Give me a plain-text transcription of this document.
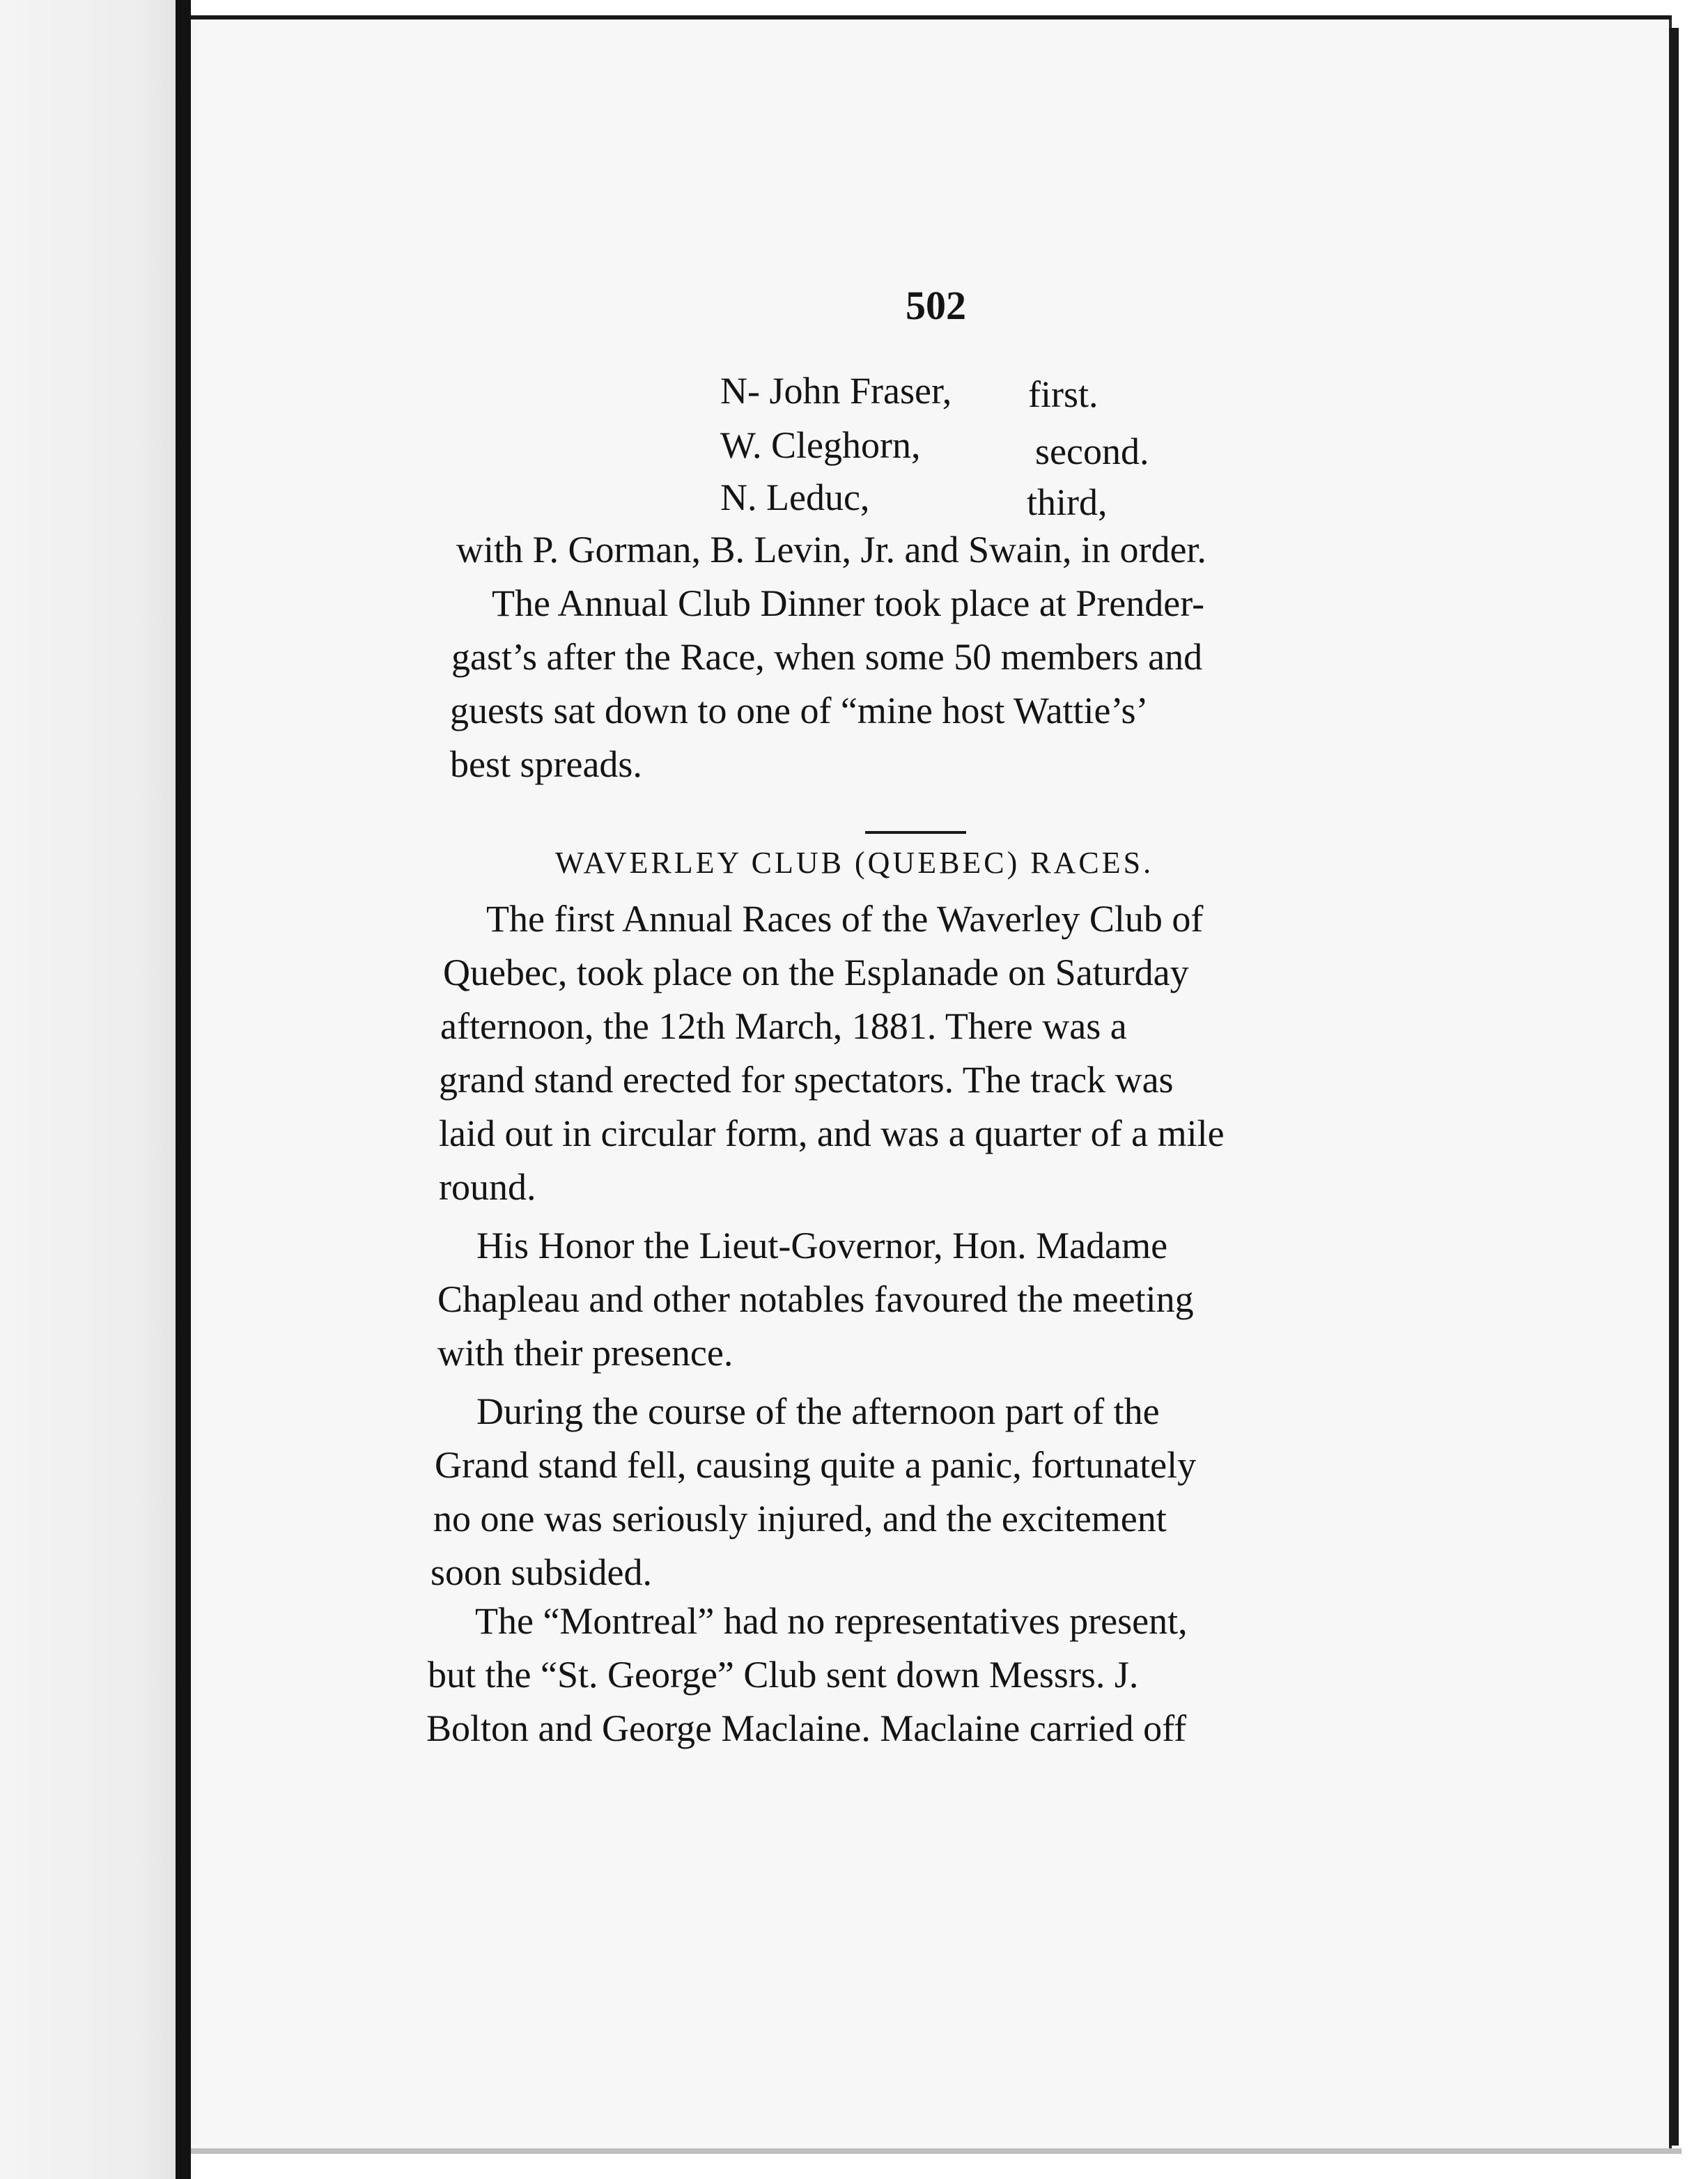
502
N- John Fraser, first.
W. Cleghorn,	second.
N. Leduc,	third,
with P. Gorman, B. Levin, Jr. and Swain, in order.
The Annual Club Dinner took place at Prender-
gast’s after the Race, when some 50 members and
guests sat down to one of “mine host Wattie’s’
best spreads.
WAVERLEY CLUB (QUEBEC) RACES.
The first Annual Races of the Waverley Club of
Quebec, took place on the Esplanade on Saturday
afternoon, the 12th March, 1881. There was a
grand stand erected for spectators. The track was
laid out in circular form, and was a quarter of a mile
round.
His Honor the Lieut-Governor, Hon. Madame
Chapleau and other notables favoured the meeting
with their presence.
During the course of the afternoon part of the
Grand stand fell, causing quite a panic, fortunately
no one was seriously injured, and the excitement
soon subsided.
The “Montreal” had no representatives present,
but the “St. George” Club sent down Messrs. J.
Bolton and George Maclaine. Maclaine carried off
